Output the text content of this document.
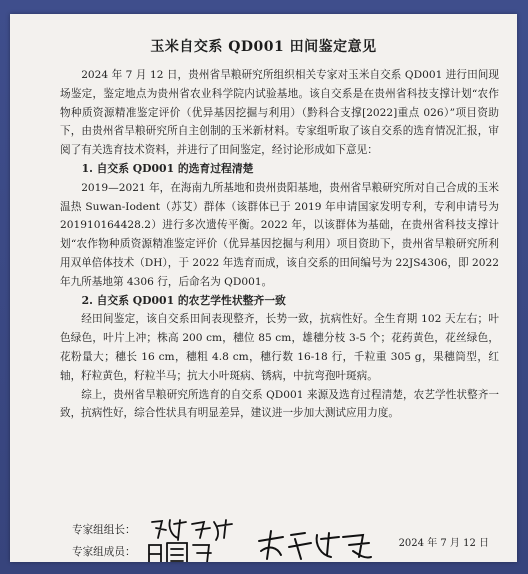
玉米自交系 QD001 田间鉴定意见

2024 年 7 月 12 日，贵州省旱粮研究所组织相关专家对玉米自交系 QD001 进行田间现场鉴定，鉴定地点为贵州省农业科学院内试验基地。该自交系是在贵州省科技支撑计划“农作物种质资源精准鉴定评价（优异基因挖掘与利用）（黔科合支撑[2022]重点 026）”项目资助下，由贵州省旱粮研究所自主创制的玉米新材料。专家组听取了该自交系的选育情况汇报，审阅了有关选育技术资料，并进行了田间鉴定，经讨论形成如下意见：

1. 自交系 QD001 的选育过程清楚

2019—2021 年，在海南九所基地和贵州贵阳基地，贵州省旱粮研究所对自己合成的玉米温热 Suwan-Iodent（苏艾）群体（该群体已于 2019 年申请国家发明专利，专利申请号为 201910164428.2）进行多次遗传平衡。2022 年，以该群体为基础，在贵州省科技支撑计划“农作物种质资源精准鉴定评价（优异基因挖掘与利用）项目资助下，贵州省旱粮研究所利用双单倍体技术（DH），于 2022 年选育而成，该自交系的田间编号为 22JS4306，即 2022 年九所基地第 4306 行，后命名为 QD001。

2. 自交系 QD001 的农艺学性状整齐一致

经田间鉴定，该自交系田间表现整齐，长势一致，抗病性好。全生育期 102 天左右；叶色绿色，叶片上冲；株高 200 cm，穗位 85 cm，雄穗分枝 3-5 个；花药黄色，花丝绿色，花粉量大；穗长 16 cm，穗粗 4.8 cm，穗行数 16-18 行，千粒重 305 g，果穗筒型，红轴，籽粒黄色，籽粒半马；抗大小叶斑病、锈病，中抗弯孢叶斑病。

综上，贵州省旱粮研究所选育的自交系 QD001 来源及选育过程清楚，农艺学性状整齐一致，抗病性好，综合性状具有明显差异，建议进一步加大测试应用力度。

专家组组长：
专家组成员：
2024 年 7 月 12 日
